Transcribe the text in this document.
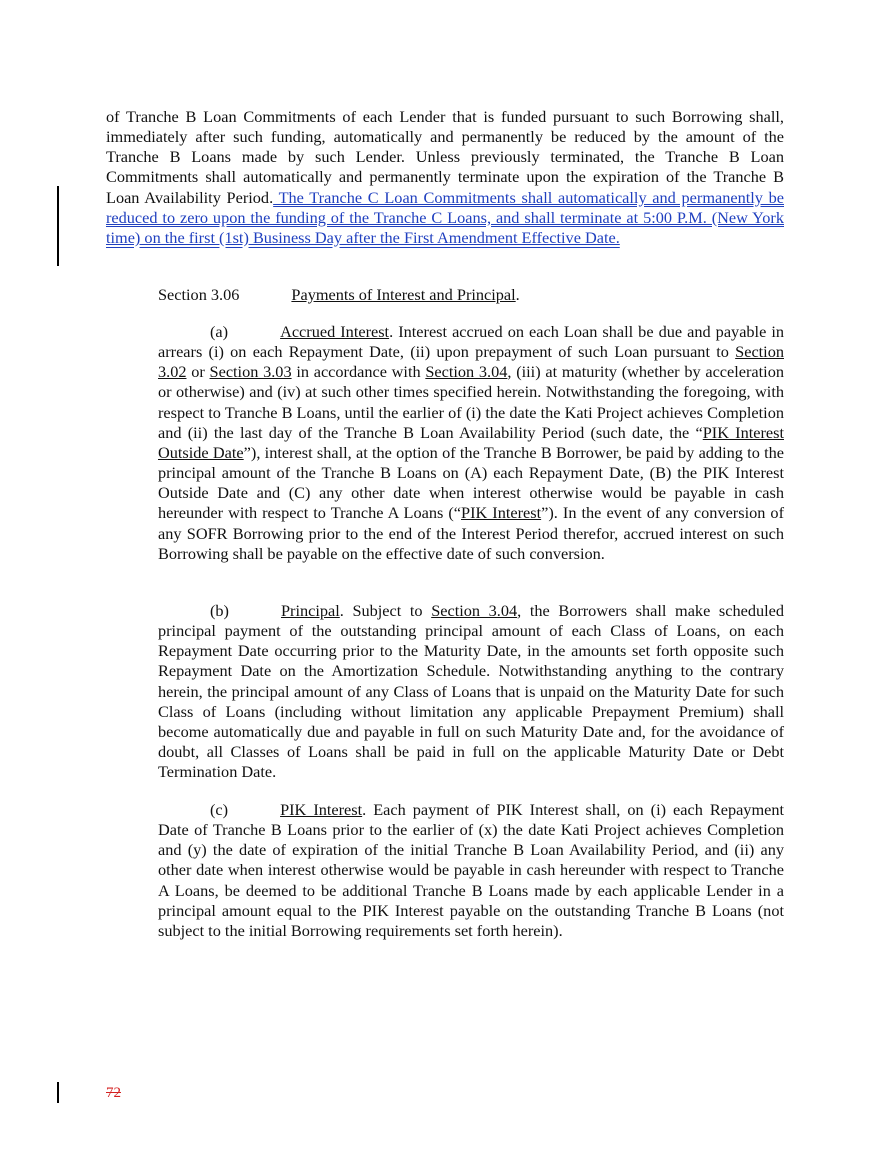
of Tranche B Loan Commitments of each Lender that is funded pursuant to such Borrowing shall, immediately after such funding, automatically and permanently be reduced by the amount of the Tranche B Loans made by such Lender. Unless previously terminated, the Tranche B Loan Commitments shall automatically and permanently terminate upon the expiration of the Tranche B Loan Availability Period. The Tranche C Loan Commitments shall automatically and permanently be reduced to zero upon the funding of the Tranche C Loans, and shall terminate at 5:00 P.M. (New York time) on the first (1st) Business Day after the First Amendment Effective Date.

Section 3.06	Payments of Interest and Principal.

(a)	Accrued Interest. Interest accrued on each Loan shall be due and payable in arrears (i) on each Repayment Date, (ii) upon prepayment of such Loan pursuant to Section 3.02 or Section 3.03 in accordance with Section 3.04, (iii) at maturity (whether by acceleration or otherwise) and (iv) at such other times specified herein. Notwithstanding the foregoing, with respect to Tranche B Loans, until the earlier of (i) the date the Kati Project achieves Completion and (ii) the last day of the Tranche B Loan Availability Period (such date, the “PIK Interest Outside Date”), interest shall, at the option of the Tranche B Borrower, be paid by adding to the principal amount of the Tranche B Loans on (A) each Repayment Date, (B) the PIK Interest Outside Date and (C) any other date when interest otherwise would be payable in cash hereunder with respect to Tranche A Loans (“PIK Interest”). In the event of any conversion of any SOFR Borrowing prior to the end of the Interest Period therefor, accrued interest on such Borrowing shall be payable on the effective date of such conversion.

(b)	Principal. Subject to Section 3.04, the Borrowers shall make scheduled principal payment of the outstanding principal amount of each Class of Loans, on each Repayment Date occurring prior to the Maturity Date, in the amounts set forth opposite such Repayment Date on the Amortization Schedule. Notwithstanding anything to the contrary herein, the principal amount of any Class of Loans that is unpaid on the Maturity Date for such Class of Loans (including without limitation any applicable Prepayment Premium) shall become automatically due and payable in full on such Maturity Date and, for the avoidance of doubt, all Classes of Loans shall be paid in full on the applicable Maturity Date or Debt Termination Date.

(c)	PIK Interest. Each payment of PIK Interest shall, on (i) each Repayment Date of Tranche B Loans prior to the earlier of (x) the date Kati Project achieves Completion and (y) the date of expiration of the initial Tranche B Loan Availability Period, and (ii) any other date when interest otherwise would be payable in cash hereunder with respect to Tranche A Loans, be deemed to be additional Tranche B Loans made by each applicable Lender in a principal amount equal to the PIK Interest payable on the outstanding Tranche B Loans (not subject to the initial Borrowing requirements set forth herein).

72
